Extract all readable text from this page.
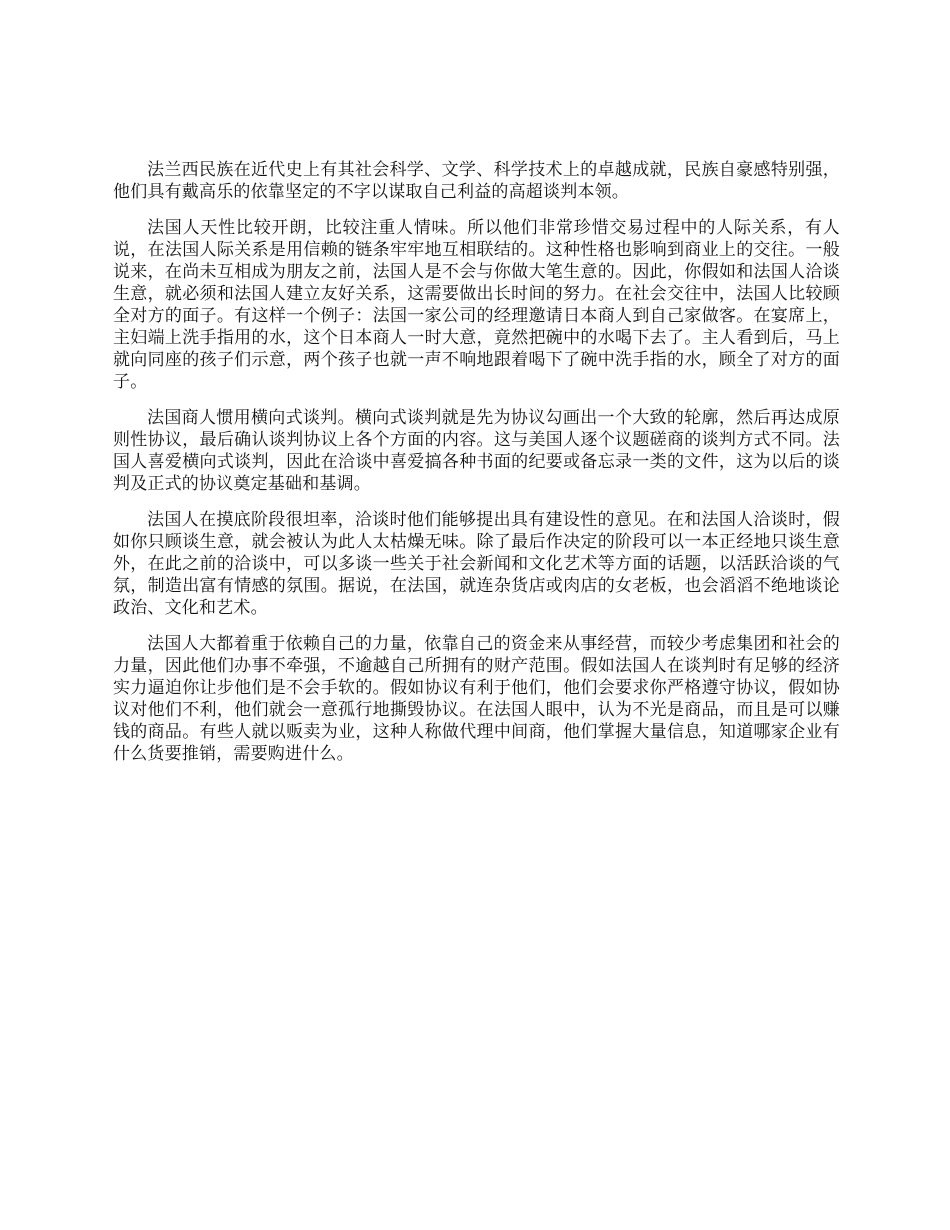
法兰西民族在近代史上有其社会科学、文学、科学技术上的卓越成就，民族自豪感特别强，他们具有戴高乐的依靠坚定的不字以谋取自己利益的高超谈判本领。

法国人天性比较开朗，比较注重人情味。所以他们非常珍惜交易过程中的人际关系，有人说，在法国人际关系是用信赖的链条牢牢地互相联结的。这种性格也影响到商业上的交往。一般说来，在尚未互相成为朋友之前，法国人是不会与你做大笔生意的。因此，你假如和法国人洽谈生意，就必须和法国人建立友好关系，这需要做出长时间的努力。在社会交往中，法国人比较顾全对方的面子。有这样一个例子：法国一家公司的经理邀请日本商人到自己家做客。在宴席上，主妇端上洗手指用的水，这个日本商人一时大意，竟然把碗中的水喝下去了。主人看到后，马上就向同座的孩子们示意，两个孩子也就一声不响地跟着喝下了碗中洗手指的水，顾全了对方的面子。

法国商人惯用横向式谈判。横向式谈判就是先为协议勾画出一个大致的轮廓，然后再达成原则性协议，最后确认谈判协议上各个方面的内容。这与美国人逐个议题磋商的谈判方式不同。法国人喜爱横向式谈判，因此在洽谈中喜爱搞各种书面的纪要或备忘录一类的文件，这为以后的谈判及正式的协议奠定基础和基调。

法国人在摸底阶段很坦率，洽谈时他们能够提出具有建设性的意见。在和法国人洽谈时，假如你只顾谈生意，就会被认为此人太枯燥无味。除了最后作决定的阶段可以一本正经地只谈生意外，在此之前的洽谈中，可以多谈一些关于社会新闻和文化艺术等方面的话题，以活跃洽谈的气氛，制造出富有情感的氛围。据说，在法国，就连杂货店或肉店的女老板，也会滔滔不绝地谈论政治、文化和艺术。

法国人大都着重于依赖自己的力量，依靠自己的资金来从事经营，而较少考虑集团和社会的力量，因此他们办事不牵强，不逾越自己所拥有的财产范围。假如法国人在谈判时有足够的经济实力逼迫你让步他们是不会手软的。假如协议有利于他们，他们会要求你严格遵守协议，假如协议对他们不利，他们就会一意孤行地撕毁协议。在法国人眼中，认为不光是商品，而且是可以赚钱的商品。有些人就以贩卖为业，这种人称做代理中间商，他们掌握大量信息，知道哪家企业有什么货要推销，需要购进什么。
